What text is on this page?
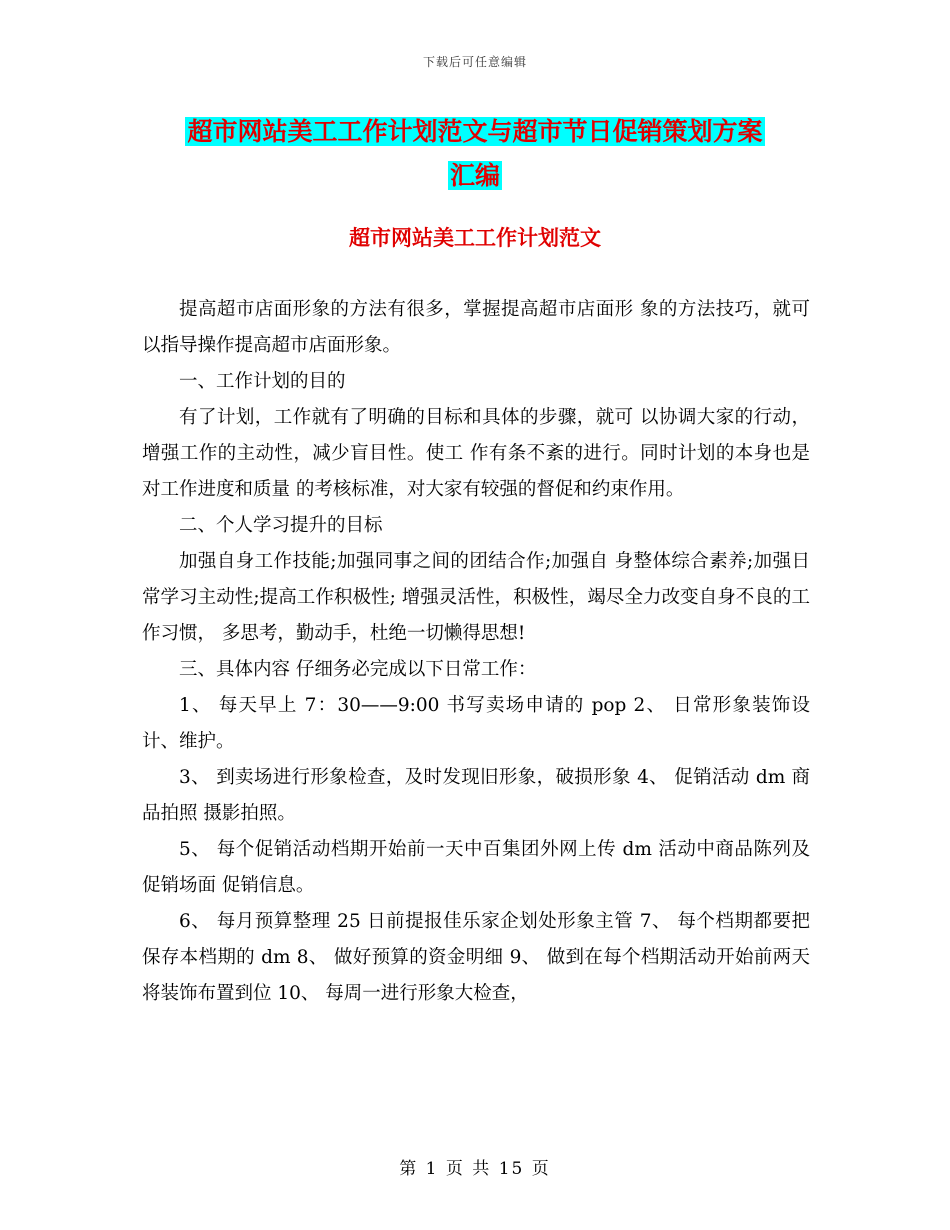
下载后可任意编辑
超市网站美工工作计划范文与超市节日促销策划方案
汇编
超市网站美工工作计划范文

提高超市店面形象的方法有很多，掌握提高超市店面形 象的方法技巧，就可以指导操作提高超市店面形象。

一、工作计划的目的

有了计划，工作就有了明确的目标和具体的步骤，就可 以协调大家的行动，增强工作的主动性，减少盲目性。使工 作有条不紊的进行。同时计划的本身也是对工作进度和质量 的考核标准，对大家有较强的督促和约束作用。

二、个人学习提升的目标

加强自身工作技能;加强同事之间的团结合作;加强自 身整体综合素养;加强日常学习主动性;提高工作积极性; 增强灵活性，积极性，竭尽全力改变自身不良的工作习惯， 多思考，勤动手，杜绝一切懒得思想!

三、具体内容 仔细务必完成以下日常工作：

1、 每天早上 7：30——9:00 书写卖场申请的 pop 2、 日常形象装饰设计、维护。

3、 到卖场进行形象检查，及时发现旧形象，破损形象 4、 促销活动 dm 商品拍照 摄影拍照。

5、 每个促销活动档期开始前一天中百集团外网上传 dm 活动中商品陈列及促销场面 促销信息。

6、 每月预算整理 25 日前提报佳乐家企划处形象主管 7、 每个档期都要把保存本档期的 dm 8、 做好预算的资金明细 9、 做到在每个档期活动开始前两天将装饰布置到位 10、 每周一进行形象大检查，

第 1 页 共 15 页
